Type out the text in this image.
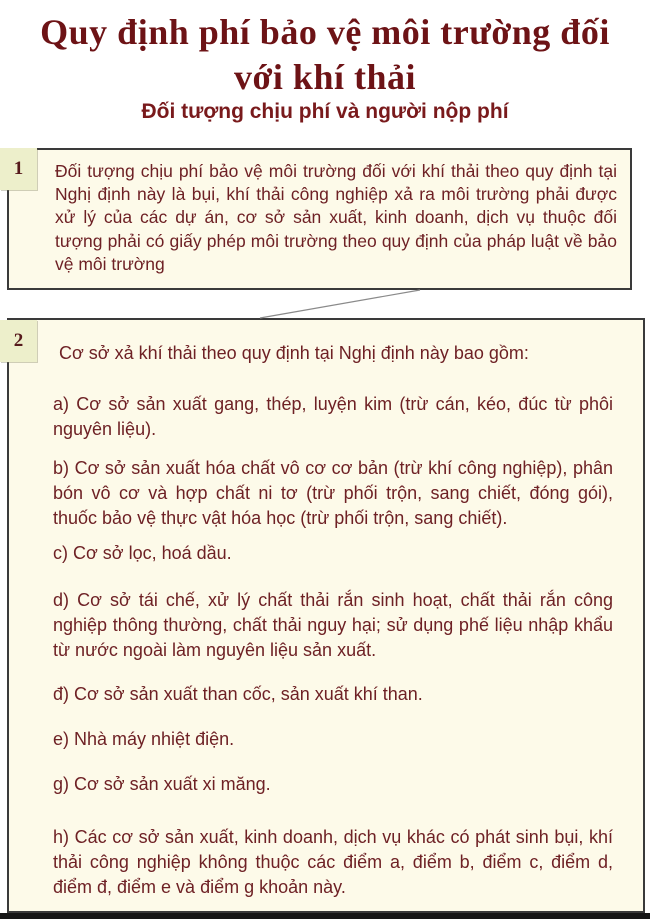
Quy định phí bảo vệ môi trường đối
với khí thải
Đối tượng chịu phí và người nộp phí

Đối tượng chịu phí bảo vệ môi trường đối với khí thải theo quy định tại Nghị định này là bụi, khí thải công nghiệp xả ra môi trường phải được xử lý của các dự án, cơ sở sản xuất, kinh doanh, dịch vụ thuộc đối tượng phải có giấy phép môi trường theo quy định của pháp luật về bảo vệ môi trường

1

Cơ sở xả khí thải theo quy định tại Nghị định này bao gồm:

a) Cơ sở sản xuất gang, thép, luyện kim (trừ cán, kéo, đúc từ phôi nguyên liệu).

b) Cơ sở sản xuất hóa chất vô cơ cơ bản (trừ khí công nghiệp), phân bón vô cơ và hợp chất ni tơ (trừ phối trộn, sang chiết, đóng gói), thuốc bảo vệ thực vật hóa học (trừ phối trộn, sang chiết).

c) Cơ sở lọc, hoá dầu.

d) Cơ sở tái chế, xử lý chất thải rắn sinh hoạt, chất thải rắn công nghiệp thông thường, chất thải nguy hại; sử dụng phế liệu nhập khẩu từ nước ngoài làm nguyên liệu sản xuất.

đ) Cơ sở sản xuất than cốc, sản xuất khí than.

e) Nhà máy nhiệt điện.

g) Cơ sở sản xuất xi măng.

h) Các cơ sở sản xuất, kinh doanh, dịch vụ khác có phát sinh bụi, khí thải công nghiệp không thuộc các điểm a, điểm b, điểm c, điểm d, điểm đ, điểm e và điểm g khoản này.

2
